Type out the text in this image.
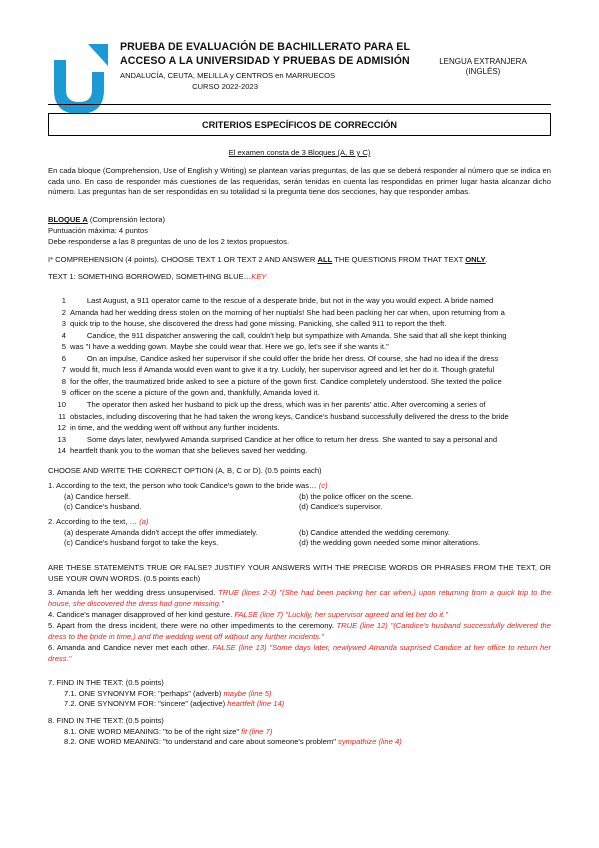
PRUEBA DE EVALUACIÓN DE BACHILLERATO PARA EL
ACCESO A LA UNIVERSIDAD Y PRUEBAS DE ADMISIÓN
ANDALUCÍA, CEUTA, MELILLA y CENTROS en MARRUECOS
CURSO 2022-2023
LENGUA EXTRANJERA
(INGLÉS)
CRITERIOS ESPECÍFICOS DE CORRECCIÓN
El examen consta de 3 Bloques (A, B y C)
En cada bloque (Comprehension, Use of English y Writing) se plantean varias preguntas, de las que se deberá responder al número que se indica en cada uno. En caso de responder más cuestiones de las requeridas, serán tenidas en cuenta las respondidas en primer lugar hasta alcanzar dicho número. Las preguntas han de ser respondidas en su totalidad si la pregunta tiene dos secciones, hay que responder ambas.
BLOQUE A (Comprensión lectora)
Puntuación máxima: 4 puntos
Debe responderse a las 8 preguntas de uno de los 2 textos propuestos.
I* COMPREHENSION (4 points). CHOOSE TEXT 1 OR TEXT 2 AND ANSWER ALL THE QUESTIONS FROM THAT TEXT ONLY.
TEXT 1: SOMETHING BORROWED, SOMETHING BLUE…KEY
1 Last August, a 911 operator came to the rescue of a desperate bride, but not in the way you would expect. A bride named
2 Amanda had her wedding dress stolen on the morning of her nuptials! She had been packing her car when, upon returning from a
3 quick trip to the house, she discovered the dress had gone missing. Panicking, she called 911 to report the theft.
4 Candice, the 911 dispatcher answering the call, couldn't help but sympathize with Amanda. She said that all she kept thinking
5 was "I have a wedding gown. Maybe she could wear that. Here we go, let's see if she wants it."
6 On an impulse, Candice asked her supervisor if she could offer the bride her dress. Of course, she had no idea if the dress
7 would fit, much less if Amanda would even want to give it a try. Luckily, her supervisor agreed and let her do it. Though grateful
8 for the offer, the traumatized bride asked to see a picture of the gown first. Candice completely understood. She texted the police
9 officer on the scene a picture of the gown and, thankfully, Amanda loved it.
10 The operator then asked her husband to pick up the dress, which was in her parents' attic. After overcoming a series of
11 obstacles, including discovering that he had taken the wrong keys, Candice's husband successfully delivered the dress to the bride
12 in time, and the wedding went off without any further incidents.
13 Some days later, newlywed Amanda surprised Candice at her office to return her dress. She wanted to say a personal and
14 heartfelt thank you to the woman that she believes saved her wedding.
CHOOSE AND WRITE THE CORRECT OPTION (A, B, C or D). (0.5 points each)
1. According to the text, the person who took Candice's gown to the bride was… (c)
(a) Candice herself.	(b) the police officer on the scene.
(c) Candice's husband.	(d) Candice's supervisor.
2. According to the text, … (a)
(a) desperate Amanda didn't accept the offer immediately.	(b) Candice attended the wedding ceremony.
(c) Candice's husband forgot to take the keys.	(d) the wedding gown needed some minor alterations.
ARE THESE STATEMENTS TRUE OR FALSE? JUSTIFY YOUR ANSWERS WITH THE PRECISE WORDS OR PHRASES FROM THE TEXT, OR USE YOUR OWN WORDS. (0.5 points each)
3. Amanda left her wedding dress unsupervised. TRUE (lines 2-3) "(She had been packing her car when,) upon returning from a quick trip to the house, she discovered the dress had gone missing."
4. Candice's manager disapproved of her kind gesture. FALSE (line 7) "Luckily, her supervisor agreed and let her do it."
5. Apart from the dress incident, there were no other impediments to the ceremony. TRUE (line 12) "(Candice's husband successfully delivered the dress to the bride in time,) and the wedding went off without any further incidents."
6. Amanda and Candice never met each other. FALSE (line 13) "Some days later, newlywed Amanda surprised Candice at her office to return her dress."
7. FIND IN THE TEXT: (0.5 points)
7.1. ONE SYNONYM FOR: "perhaps" (adverb) maybe (line 5)
7.2. ONE SYNONYM FOR: "sincere" (adjective) heartfelt (line 14)
8. FIND IN THE TEXT: (0.5 points)
8.1. ONE WORD MEANING: "to be of the right size" fit (line 7)
8.2. ONE WORD MEANING: "to understand and care about someone's problem" sympathize (line 4)
